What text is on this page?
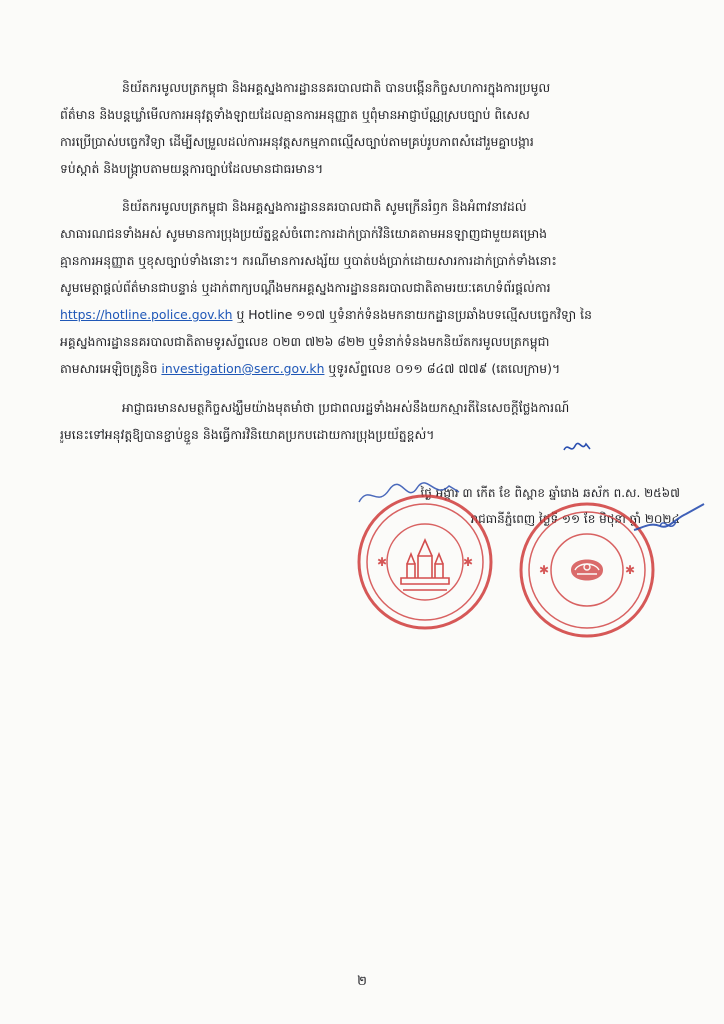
និយ័តករមូលបត្រកម្ពុជា និងអគ្គស្នងការដ្ឋាននគរបាលជាតិ បានបង្កើនកិច្ចសហការក្នុងការប្រមូល
ព័ត៌មាន និងបន្តឃ្លាំមើលការអនុវត្តទាំងឡាយដែលគ្មានការអនុញ្ញាត ឬពុំមានអាជ្ញាប័ណ្ណស្របច្បាប់ ពិសេស
ការប្រើប្រាស់បច្ចេកវិទ្យា ដើម្បីសម្រួលដល់ការអនុវត្តសកម្មភាពល្មើសច្បាប់តាមគ្រប់រូបភាពសំដៅរួមគ្នាបង្ការ
ទប់ស្កាត់ និងបង្ក្រាបតាមយន្តការច្បាប់ដែលមានជាធរមាន។
និយ័តករមូលបត្រកម្ពុជា និងអគ្គស្នងការដ្ឋាននគរបាលជាតិ សូមក្រើនរំឭក និងអំពាវនាវដល់
សាធារណជនទាំងអស់ សូមមានការប្រុងប្រយ័ត្នខ្ពស់ចំពោះការដាក់ប្រាក់វិនិយោគតាមអនឡាញជាមួយគម្រោង
គ្មានការអនុញ្ញាត ឬខុសច្បាប់ទាំងនោះ។ ករណីមានការសង្ស័យ ឬបាត់បង់ប្រាក់ដោយសារការដាក់ប្រាក់ទាំងនោះ
សូមមេត្តាផ្ដល់ព័ត៌មានជាបន្ទាន់ ឬដាក់ពាក្យបណ្ដឹងមកអគ្គស្នងការដ្ឋាននគរបាលជាតិតាមរយៈគេហទំព័រផ្ដល់ការ
https://hotline.police.gov.kh ឬ Hotline ១១៧ ឬទំនាក់ទំនងមកនាយកដ្ឋានប្រឆាំងបទល្មើសបច្ចេកវិទ្យា នៃ
អគ្គស្នងការដ្ឋាននគរបាលជាតិតាមទូរស័ព្ទលេខ ០២៣ ៧២៦ ៨២២ ឬទំនាក់ទំនងមកនិយ័តករមូលបត្រកម្ពុជា
តាមសារអេឡិចត្រូនិច investigation@serc.gov.kh ឬទូរស័ព្ទលេខ ០១១ ៨៤៧ ៧៧៩ (តេលេក្រាម)។
អាជ្ញាធរមានសមត្ថកិច្ចសង្ឃឹមយ៉ាងមុតមាំថា ប្រជាពលរដ្ឋទាំងអស់នឹងយកស្មារតីនៃសេចក្ដីថ្លែងការណ៍
រួមនេះទៅអនុវត្តឱ្យបានខ្ជាប់ខ្ជួន និងធ្វើការវិនិយោគប្រកបដោយការប្រុងប្រយ័ត្នខ្ពស់។
ថ្ងៃ អង្គារ ៣ កើត ខែ ពិស្ពាខ ឆ្នាំរោង ឆស័ក ព.ស. ២៥៦៧
រាជធានីភ្នំពេញ ថ្ងៃទី ១១ ខែ មិថុនា ឆ្នាំ ២០២៤
✱	✱
✱	✱
២
